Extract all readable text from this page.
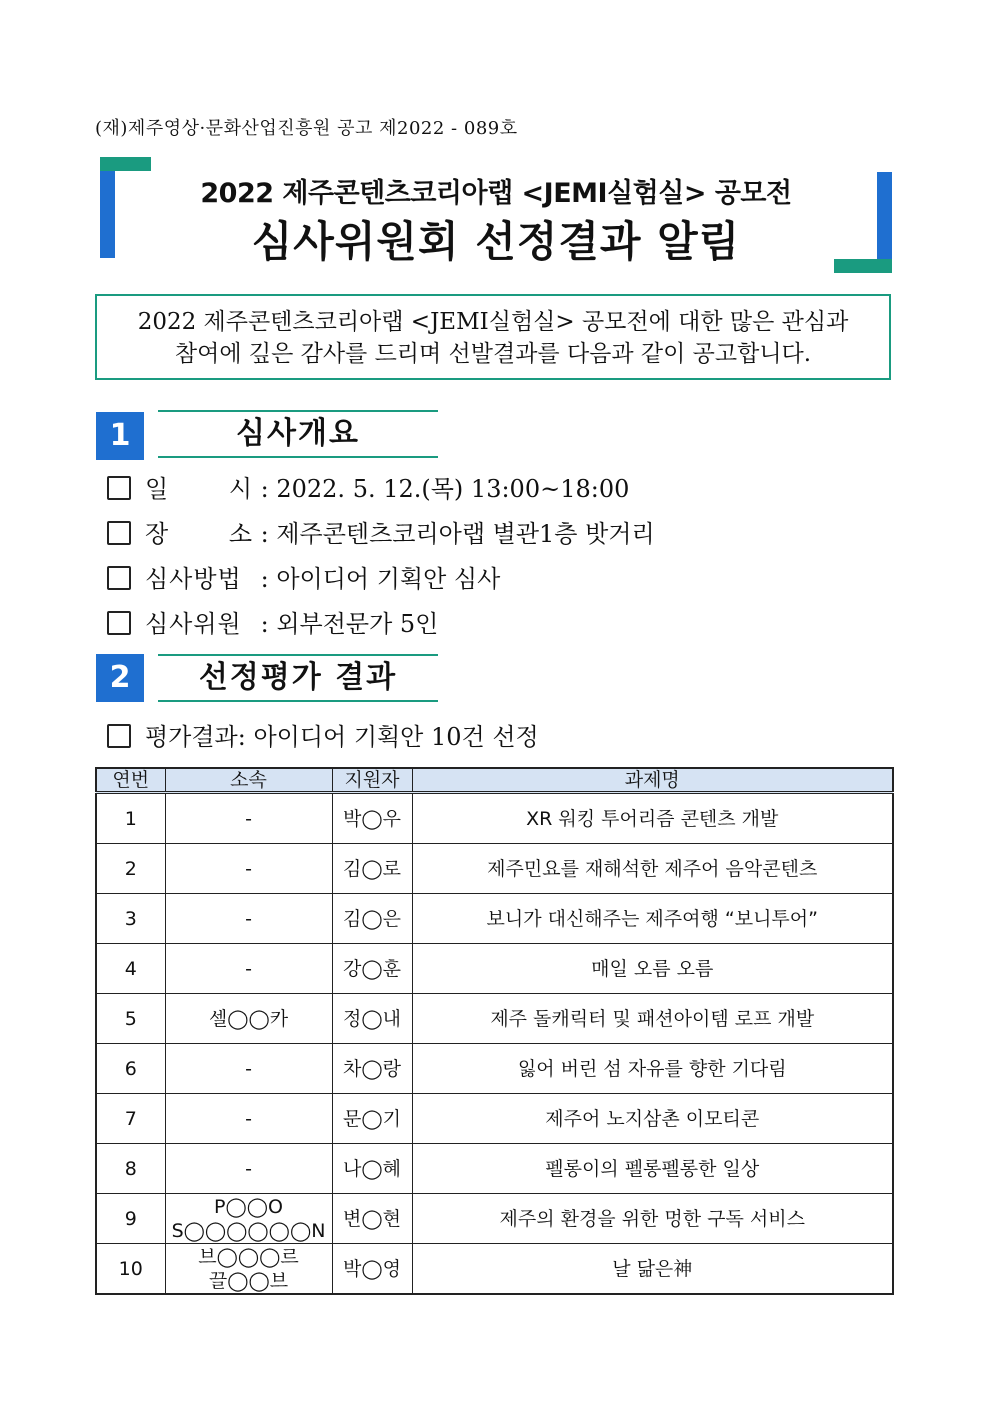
(재)제주영상·문화산업진흥원 공고 제2022 - 089호
2022 제주콘텐츠코리아랩 <JEMI실험실> 공모전
심사위원회 선정결과 알림
2022 제주콘텐츠코리아랩 <JEMI실험실> 공모전에 대한 많은 관심과
참여에 깊은 감사를 드리며 선발결과를 다음과 같이 공고합니다.
1	심사개요
일 시 : 2022. 5. 12.(목) 13:00~18:00
장 소 : 제주콘텐츠코리아랩 별관1층 밧거리
심사방법 : 아이디어 기획안 심사
심사위원 : 외부전문가 5인
2	선정평가 결과
평가결과: 아이디어 기획안 10건 선정
연번	소속	지원자	과제명
1	-	박◯우	XR 워킹 투어리즘 콘텐츠 개발
2	-	김◯로	제주민요를 재해석한 제주어 음악콘텐츠
3	-	김◯은	보니가 대신해주는 제주여행 “보니투어”
4	-	강◯훈	매일 오름 오름
5	셀◯◯카	정◯내	제주 돌캐릭터 및 패션아이템 로프 개발
6	-	차◯랑	잃어 버린 섬 자유를 향한 기다림
7	-	문◯기	제주어 노지삼촌 이모티콘
8	-	나◯혜	펠롱이의 펠롱펠롱한 일상
9	P◯◯O
S◯◯◯◯◯◯N	변◯현	제주의 환경을 위한 멍한 구독 서비스
10	브◯◯◯르
끌◯◯브	박◯영	날 닮은神
